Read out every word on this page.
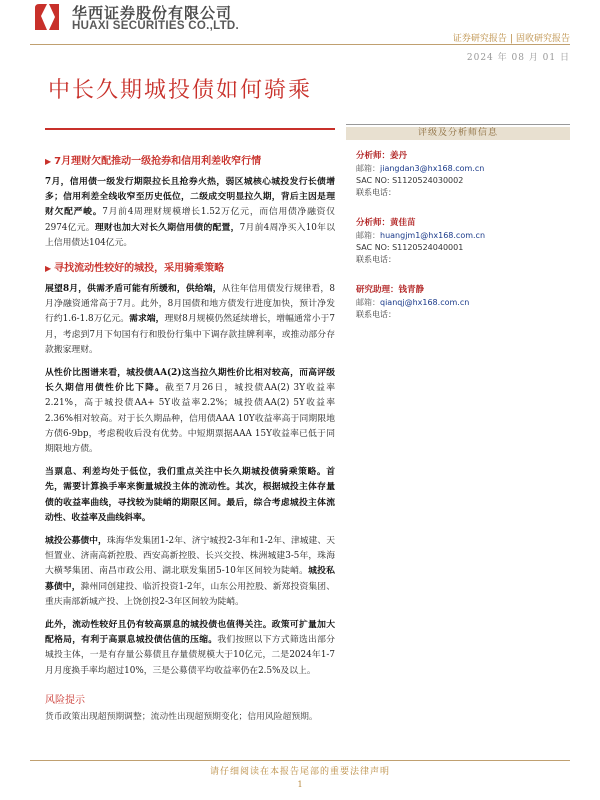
华西证券股份有限公司
HUAXI SECURITIES CO.,LTD.
证券研究报告 | 固收研究报告
2024 年 08 月 01 日
中长久期城投债如何骑乘
▶ 7月理财欠配推动一级抢券和信用利差收窄行情

7月，信用债一级发行期限拉长且抢券火热，弱区城核心城投发行长债增多；信用利差全线收窄至历史低位，二级成交明显拉久期，背后主因是理财欠配严峻。7月前4周理财规模增长1.52万亿元，而信用债净融资仅2974亿元。理财也加大对长久期信用债的配置，7月前4周净买入10年以上信用债达104亿元。

▶ 寻找流动性较好的城投，采用骑乘策略

展望8月，供需矛盾可能有所缓和，供给端，从往年信用债发行规律看，8月净融资通常高于7月。此外，8月国债和地方债发行进度加快，预计净发行约1.6-1.8万亿元。需求端，理财8月规模仍然延续增长，增幅通常小于7月，考虑到7月下旬国有行和股份行集中下调存款挂牌利率，或推动部分存款搬家理财。

从性价比图谱来看，城投债AA(2)这当拉久期性价比相对较高，而高评级长久期信用债性价比下降。截至7月26日，城投债AA(2) 3Y收益率2.21%，高于城投债AA+ 5Y收益率2.2%；城投债AA(2) 5Y收益率2.36%相对较高。对于长久期品种，信用债AAA 10Y收益率高于同期限地方债6-9bp，考虑税收后没有优势。中短期票据AAA 15Y收益率已低于同期限地方债。

当票息、利差均处于低位，我们重点关注中长久期城投债骑乘策略。首先，需要计算换手率来衡量城投主体的流动性。其次，根据城投主体存量债的收益率曲线，寻找较为陡峭的期限区间。最后，综合考虑城投主体流动性、收益率及曲线斜率。

城投公募债中，珠海华发集团1-2年、济宁城投2-3年和1-2年、津城建、天恒置业、济南高新控股、西安高新控股、长兴交投、株洲城建3-5年，珠海大横琴集团、南昌市政公用、湖北联发集团5-10年区间较为陡峭。城投私募债中，滁州同创建投、临沂投资1-2年，山东公用控股、新郑投资集团、重庆南部新城产投、上饶创投2-3年区间较为陡峭。

此外，流动性较好且仍有较高票息的城投债也值得关注。政策可扩量加大配格局，有利于高票息城投债估值的压缩。我们按照以下方式筛选出部分城投主体，一是有存量公募债且存量债规模大于10亿元，二是2024年1-7月月度换手率均超过10%，三是公募债平均收益率仍在2.5%及以上。

风险提示
货币政策出现超预期调整；流动性出现超预期变化；信用风险超预期。
评级及分析师信息
分析师：姜丹
邮箱：jiangdan3@hx168.com.cn
SAC NO: S1120524030002
联系电话：
分析师：黄佳苗
邮箱：huangjm1@hx168.com.cn
SAC NO: S1120524040001
联系电话：
研究助理：钱青静
邮箱：qianqj@hx168.com.cn
联系电话：
请仔细阅读在本报告尾部的重要法律声明
1
